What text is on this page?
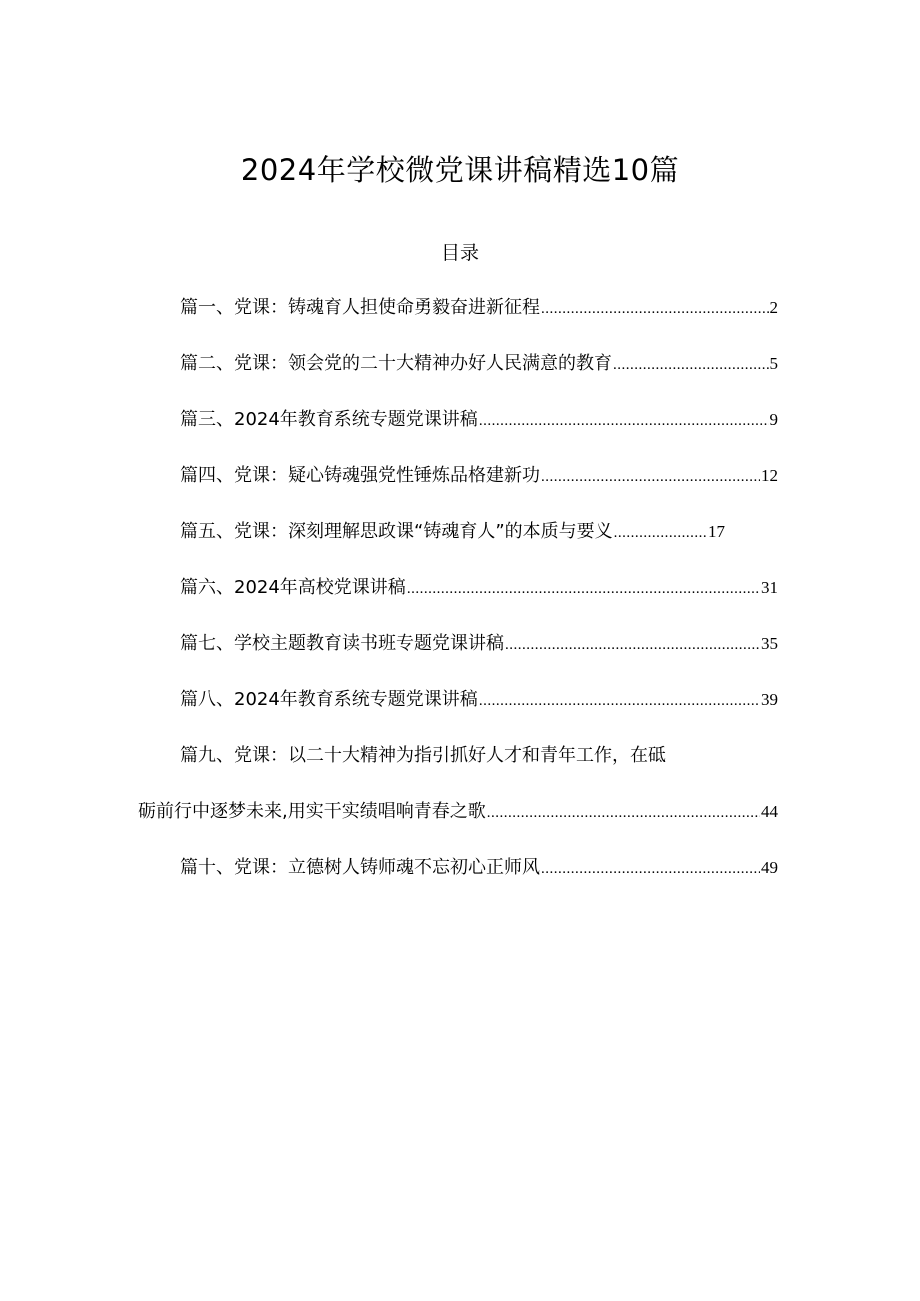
2024年学校微党课讲稿精选10篇
目录
篇一、党课：铸魂育人担使命勇毅奋进新征程 .....	2
篇二、党课：领会党的二十大精神办好人民满意的教育 .....	5
篇三、2024年教育系统专题党课讲稿 .....	9
篇四、党课：疑心铸魂强党性锤炼品格建新功 .....	12
篇五、党课：深刻理解思政课“铸魂育人”的本质与要义 .....	17
篇六、2024年高校党课讲稿 .....	31
篇七、学校主题教育读书班专题党课讲稿 .....	35
篇八、2024年教育系统专题党课讲稿 .....	39
篇九、党课：以二十大精神为指引抓好人才和青年工作，在砥
砺前行中逐梦未来,用实干实绩唱响青春之歌 .....	44
篇十、党课：立德树人铸师魂不忘初心正师风 .....	49
